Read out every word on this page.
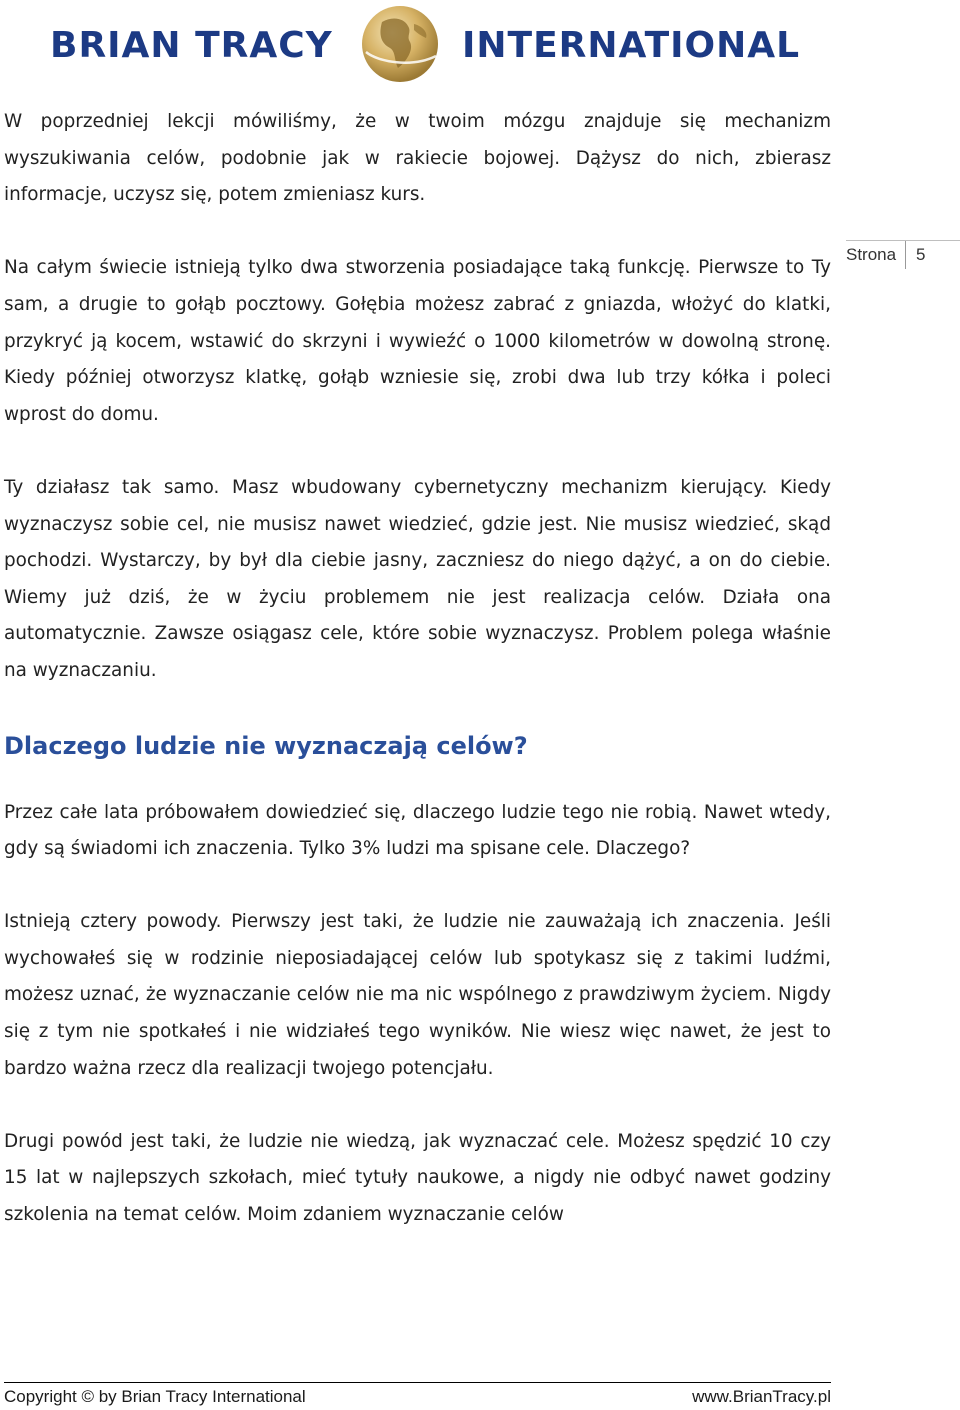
BRIAN TRACY	INTERNATIONAL
Strona 5

W poprzedniej lekcji mówiliśmy, że w twoim mózgu znajduje się mechanizm wyszukiwania celów, podobnie jak w rakiecie bojowej. Dążysz do nich, zbierasz informacje, uczysz się, potem zmieniasz kurs.

Na całym świecie istnieją tylko dwa stworzenia posiadające taką funkcję. Pierwsze to Ty sam, a drugie to gołąb pocztowy. Gołębia możesz zabrać z gniazda, włożyć do klatki, przykryć ją kocem, wstawić do skrzyni i wywieźć o 1000 kilometrów w dowolną stronę. Kiedy później otworzysz klatkę, gołąb wzniesie się, zrobi dwa lub trzy kółka i poleci wprost do domu.

Ty działasz tak samo. Masz wbudowany cybernetyczny mechanizm kierujący. Kiedy wyznaczysz sobie cel, nie musisz nawet wiedzieć, gdzie jest. Nie musisz wiedzieć, skąd pochodzi. Wystarczy, by był dla ciebie jasny, zaczniesz do niego dążyć, a on do ciebie. Wiemy już dziś, że w życiu problemem nie jest realizacja celów. Działa ona automatycznie. Zawsze osiągasz cele, które sobie wyznaczysz. Problem polega właśnie na wyznaczaniu.

Dlaczego ludzie nie wyznaczają celów?

Przez całe lata próbowałem dowiedzieć się, dlaczego ludzie tego nie robią. Nawet wtedy, gdy są świadomi ich znaczenia. Tylko 3% ludzi ma spisane cele. Dlaczego?

Istnieją cztery powody. Pierwszy jest taki, że ludzie nie zauważają ich znaczenia. Jeśli wychowałeś się w rodzinie nieposiadającej celów lub spotykasz się z takimi ludźmi, możesz uznać, że wyznaczanie celów nie ma nic wspólnego z prawdziwym życiem. Nigdy się z tym nie spotkałeś i nie widziałeś tego wyników. Nie wiesz więc nawet, że jest to bardzo ważna rzecz dla realizacji twojego potencjału.

Drugi powód jest taki, że ludzie nie wiedzą, jak wyznaczać cele. Możesz spędzić 10 czy 15 lat w najlepszych szkołach, mieć tytuły naukowe, a nigdy nie odbyć nawet godziny szkolenia na temat celów. Moim zdaniem wyznaczanie celów

Copyright © by Brian Tracy International	www.BrianTracy.pl
